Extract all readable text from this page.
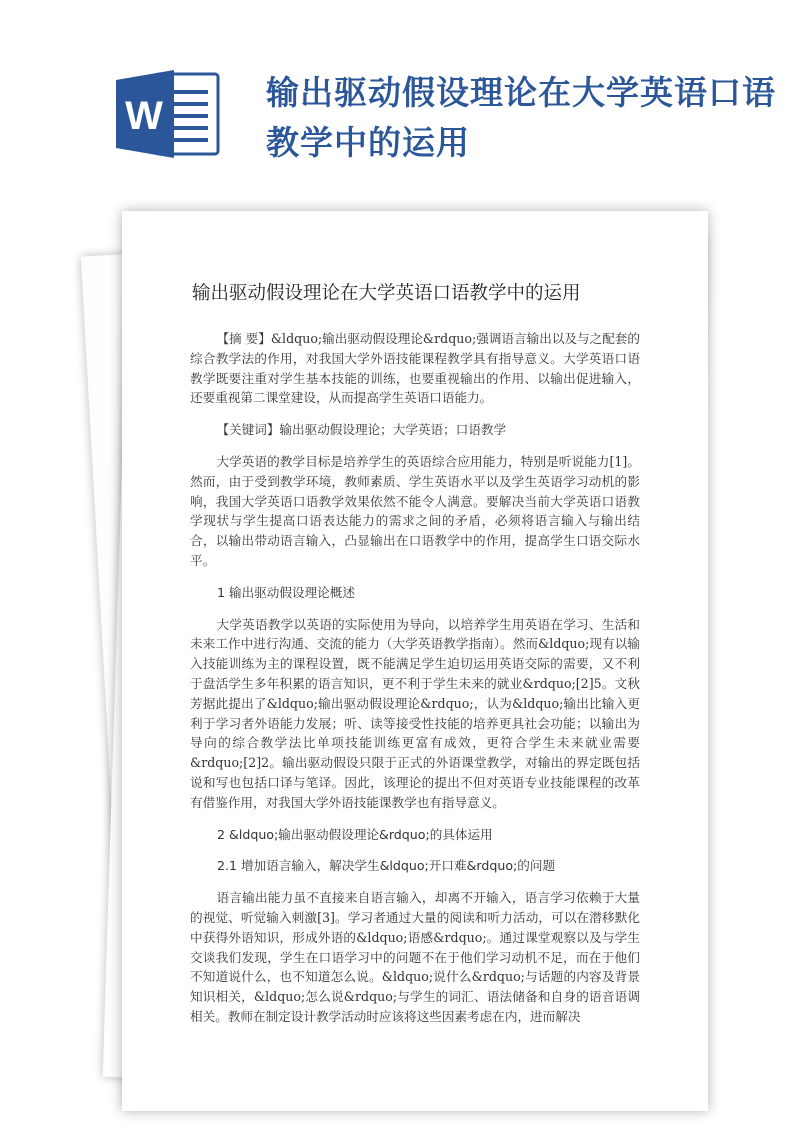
W
输出驱动假设理论在大学英语口语教学中的运用
输出驱动假设理论在大学英语口语教学中的运用

【摘 要】&ldquo;输出驱动假设理论&rdquo;强调语言输出以及与之配套的综合教学法的作用，对我国大学外语技能课程教学具有指导意义。大学英语口语教学既要注重对学生基本技能的训练，也要重视输出的作用、以输出促进输入，还要重视第二课堂建设，从而提高学生英语口语能力。

【关键词】输出驱动假设理论；大学英语；口语教学

大学英语的教学目标是培养学生的英语综合应用能力，特别是听说能力[1]。然而，由于受到教学环境，教师素质、学生英语水平以及学生英语学习动机的影响，我国大学英语口语教学效果依然不能令人满意。要解决当前大学英语口语教学现状与学生提高口语表达能力的需求之间的矛盾，必须将语言输入与输出结合，以输出带动语言输入，凸显输出在口语教学中的作用，提高学生口语交际水平。

1 输出驱动假设理论概述

大学英语教学以英语的实际使用为导向，以培养学生用英语在学习、生活和未来工作中进行沟通、交流的能力（大学英语教学指南）。然而&ldquo;现有以输入技能训练为主的课程设置，既不能满足学生迫切运用英语交际的需要，又不利于盘活学生多年积累的语言知识，更不利于学生未来的就业&rdquo;[2]5。文秋芳据此提出了&ldquo;输出驱动假设理论&rdquo;，认为&ldquo;输出比输入更利于学习者外语能力发展；听、读等接受性技能的培养更具社会功能；以输出为导向的综合教学法比单项技能训练更富有成效，更符合学生未来就业需要&rdquo;[2]2。输出驱动假设只限于正式的外语课堂教学，对输出的界定既包括说和写也包括口译与笔译。因此，该理论的提出不但对英语专业技能课程的改革有借鉴作用，对我国大学外语技能课教学也有指导意义。

2 &ldquo;输出驱动假设理论&rdquo;的具体运用

2.1 增加语言输入，解决学生&ldquo;开口难&rdquo;的问题

语言输出能力虽不直接来自语言输入，却离不开输入，语言学习依赖于大量的视觉、听觉输入刺激[3]。学习者通过大量的阅读和听力活动，可以在潜移默化中获得外语知识，形成外语的&ldquo;语感&rdquo;。通过课堂观察以及与学生交谈我们发现，学生在口语学习中的问题不在于他们学习动机不足，而在于他们不知道说什么，也不知道怎么说。&ldquo;说什么&rdquo;与话题的内容及背景知识相关，&ldquo;怎么说&rdquo;与学生的词汇、语法储备和自身的语音语调相关。教师在制定设计教学活动时应该将这些因素考虑在内，进而解决
